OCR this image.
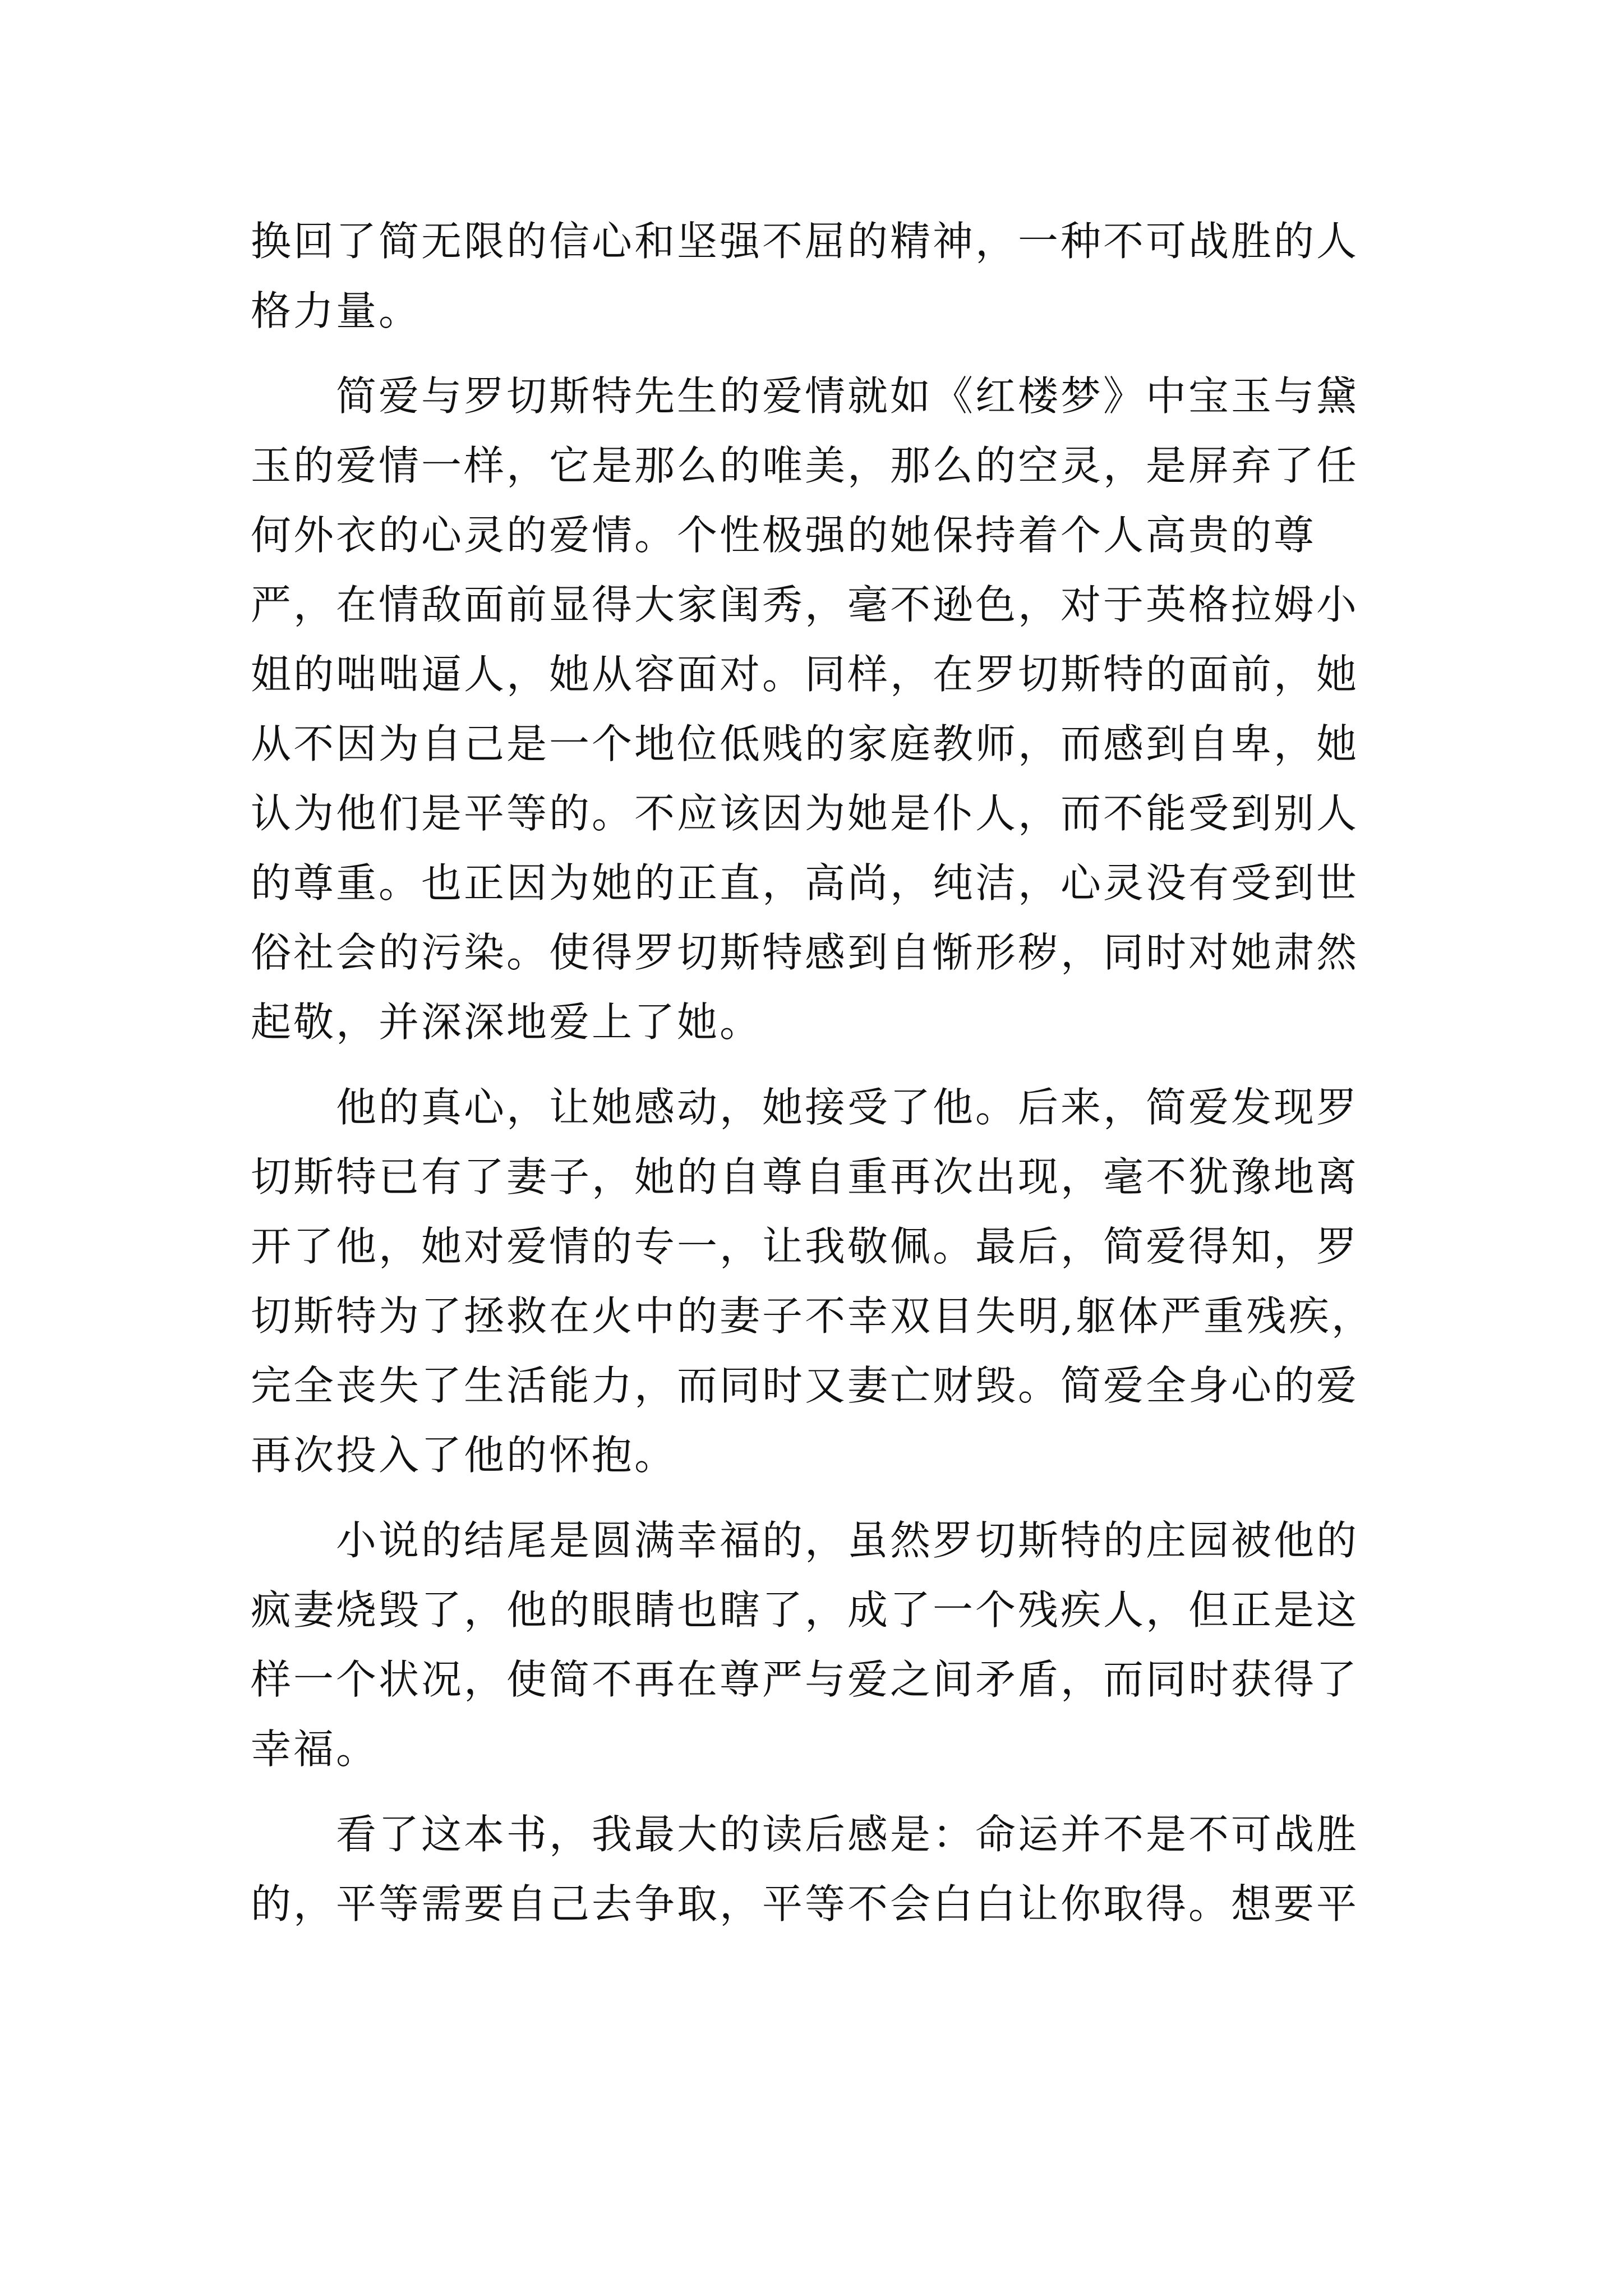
换回了简无限的信心和坚强不屈的精神，一种不可战胜的人格力量。

简爱与罗切斯特先生的爱情就如《红楼梦》中宝玉与黛玉的爱情一样，它是那么的唯美，那么的空灵，是屏弃了任何外衣的心灵的爱情。个性极强的她保持着个人高贵的尊严，在情敌面前显得大家闺秀，毫不逊色，对于英格拉姆小姐的咄咄逼人，她从容面对。同样，在罗切斯特的面前，她从不因为自己是一个地位低贱的家庭教师，而感到自卑，她认为他们是平等的。不应该因为她是仆人，而不能受到别人的尊重。也正因为她的正直，高尚，纯洁，心灵没有受到世俗社会的污染。使得罗切斯特感到自惭形秽，同时对她肃然起敬，并深深地爱上了她。

他的真心，让她感动，她接受了他。后来，简爱发现罗切斯特已有了妻子，她的自尊自重再次出现，毫不犹豫地离开了他，她对爱情的专一，让我敬佩。最后，简爱得知，罗切斯特为了拯救在火中的妻子不幸双目失明,躯体严重残疾，完全丧失了生活能力，而同时又妻亡财毁。简爱全身心的爱再次投入了他的怀抱。

小说的结尾是圆满幸福的，虽然罗切斯特的庄园被他的疯妻烧毁了，他的眼睛也瞎了，成了一个残疾人，但正是这样一个状况，使简不再在尊严与爱之间矛盾，而同时获得了幸福。

看了这本书，我最大的读后感是：命运并不是不可战胜的，平等需要自己去争取，平等不会白白让你取得。想要平
